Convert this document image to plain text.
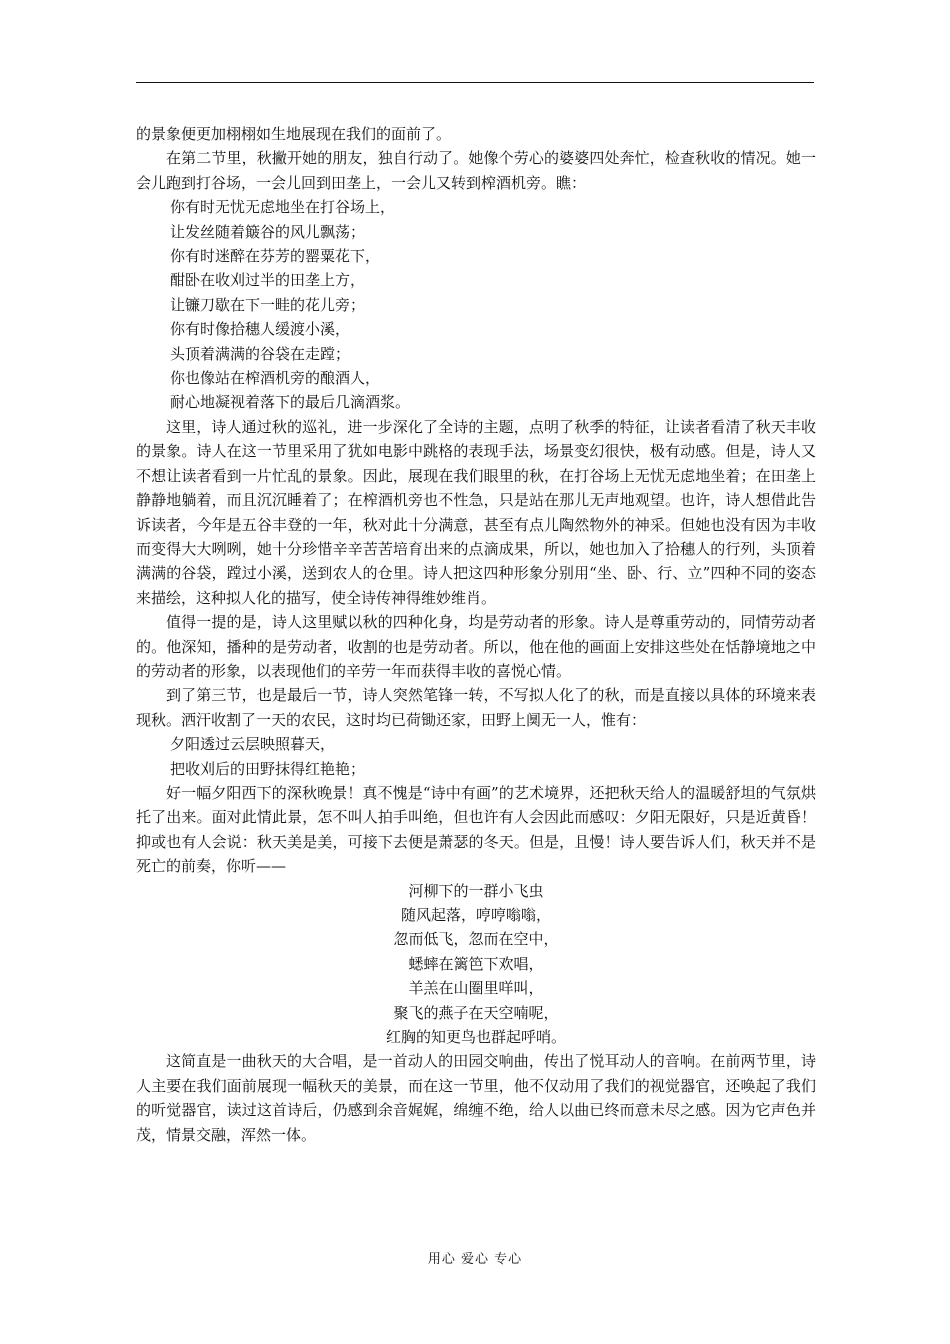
的景象便更加栩栩如生地展现在我们的面前了。

在第二节里，秋撇开她的朋友，独自行动了。她像个劳心的婆婆四处奔忙，检查秋收的情况。她一会儿跑到打谷场，一会儿回到田垄上，一会儿又转到榨酒机旁。瞧：

你有时无忧无虑地坐在打谷场上，
让发丝随着簸谷的风儿飘荡；
你有时迷醉在芬芳的罂粟花下，
酣卧在收刈过半的田垄上方，
让镰刀歇在下一畦的花儿旁；
你有时像拾穗人缓渡小溪，
头顶着满满的谷袋在走蹚；
你也像站在榨酒机旁的酿酒人，
耐心地凝视着落下的最后几滴酒浆。

这里，诗人通过秋的巡礼，进一步深化了全诗的主题，点明了秋季的特征，让读者看清了秋天丰收的景象。诗人在这一节里采用了犹如电影中跳格的表现手法，场景变幻很快，极有动感。但是，诗人又不想让读者看到一片忙乱的景象。因此，展现在我们眼里的秋，在打谷场上无忧无虑地坐着；在田垄上静静地躺着，而且沉沉睡着了；在榨酒机旁也不性急，只是站在那儿无声地观望。也许，诗人想借此告诉读者，今年是五谷丰登的一年，秋对此十分满意，甚至有点儿陶然物外的神采。但她也没有因为丰收而变得大大咧咧，她十分珍惜辛辛苦苦培育出来的点滴成果，所以，她也加入了拾穗人的行列，头顶着满满的谷袋，蹚过小溪，送到农人的仓里。诗人把这四种形象分别用“坐、卧、行、立”四种不同的姿态来描绘，这种拟人化的描写，使全诗传神得维妙维肖。

值得一提的是，诗人这里赋以秋的四种化身，均是劳动者的形象。诗人是尊重劳动的，同情劳动者的。他深知，播种的是劳动者，收割的也是劳动者。所以，他在他的画面上安排这些处在恬静境地之中的劳动者的形象，以表现他们的辛劳一年而获得丰收的喜悦心情。

到了第三节，也是最后一节，诗人突然笔锋一转，不写拟人化了的秋，而是直接以具体的环境来表现秋。洒汗收割了一天的农民，这时均已荷锄还家，田野上阒无一人，惟有：

夕阳透过云层映照暮天，
把收刈后的田野抹得红艳艳；

好一幅夕阳西下的深秋晚景！真不愧是“诗中有画”的艺术境界，还把秋天给人的温暖舒坦的气氛烘托了出来。面对此情此景，怎不叫人拍手叫绝，但也许有人会因此而感叹：夕阳无限好，只是近黄昏！抑或也有人会说：秋天美是美，可接下去便是萧瑟的冬天。但是，且慢！诗人要告诉人们，秋天并不是死亡的前奏，你听——

河柳下的一群小飞虫
随风起落，哼哼嗡嗡，
忽而低飞，忽而在空中，
蟋蟀在篱笆下欢唱，
羊羔在山圈里咩叫，
聚飞的燕子在天空喃呢，
红胸的知更鸟也群起呼哨。

这简直是一曲秋天的大合唱，是一首动人的田园交响曲，传出了悦耳动人的音响。在前两节里，诗人主要在我们面前展现一幅秋天的美景，而在这一节里，他不仅动用了我们的视觉器官，还唤起了我们的听觉器官，读过这首诗后，仍感到余音娓娓，绵缠不绝，给人以曲已终而意未尽之感。因为它声色并茂，情景交融，浑然一体。

用心 爱心 专心
